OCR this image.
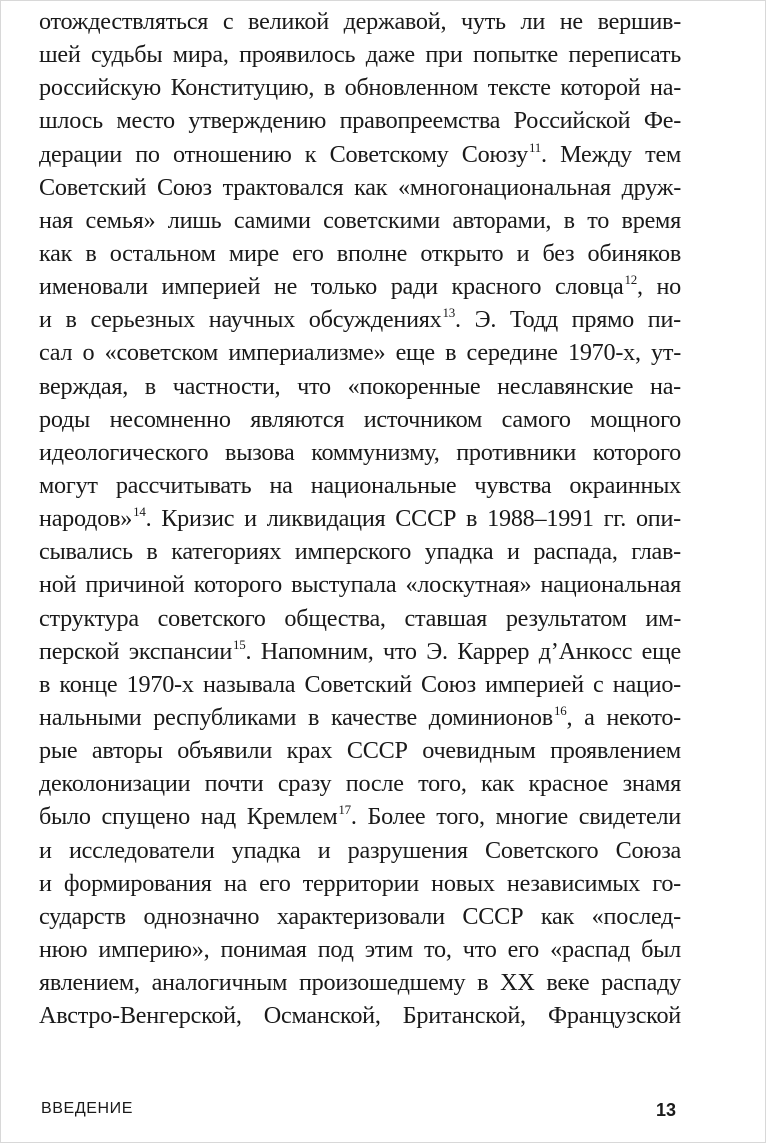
отождествляться с великой державой, чуть ли не вершив-
шей судьбы мира, проявилось даже при попытке переписать
российскую Конституцию, в обновленном тексте которой на-
шлось место утверждению правопреемства Российской Фе-
дерации по отношению к Советскому Союзу$^{11}$. Между тем
Советский Союз трактовался как «многонациональная друж-
ная семья» лишь самими советскими авторами, в то время
как в остальном мире его вполне открыто и без обиняков
именовали империей не только ради красного словца$^{12}$, но
и в серьезных научных обсуждениях$^{13}$. Э. Тодд прямо пи-
сал о «советском империализме» еще в середине 1970-х, ут-
верждая, в частности, что «покоренные неславянские на-
роды несомненно являются источником самого мощного
идеологического вызова коммунизму, противники которого
могут рассчитывать на национальные чувства окраинных
народов»$^{14}$. Кризис и ликвидация СССР в 1988–1991 гг. опи-
сывались в категориях имперского упадка и распада, глав-
ной причиной которого выступала «лоскутная» национальная
структура советского общества, ставшая результатом им-
перской экспансии$^{15}$. Напомним, что Э. Каррер д’Анкосс еще
в конце 1970-х называла Советский Союз империей с нацио-
нальными республиками в качестве доминионов$^{16}$, а некото-
рые авторы объявили крах СССР очевидным проявлением
деколонизации почти сразу после того, как красное знамя
было спущено над Кремлем$^{17}$. Более того, многие свидетели
и исследователи упадка и разрушения Советского Союза
и формирования на его территории новых независимых го-
сударств однозначно характеризовали СССР как «послед-
нюю империю», понимая под этим то, что его «распад был
явлением, аналогичным произошедшему в XX веке распаду
Австро-Венгерской, Османской, Британской, Французской
ВВЕДЕНИЕ	13
